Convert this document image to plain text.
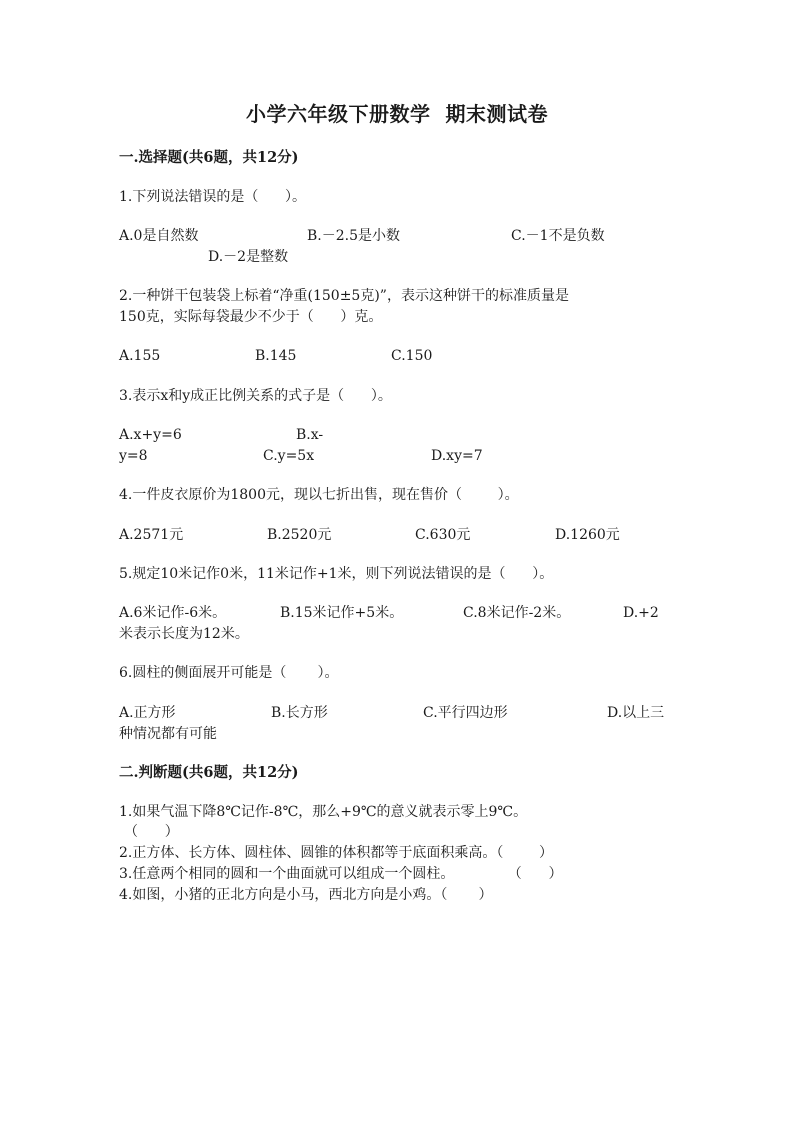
小学六年级下册数学  期末测试卷
一.选择题(共6题，共12分)
1.下列说法错误的是（      ）。
A.0是自然数	B.－2.5是小数	C.－1不是负数
D.－2是整数
2.一种饼干包装袋上标着“净重(150±5克)”，表示这种饼干的标准质量是
150克，实际每袋最少不少于（      ）克。
A.155	B.145	C.150
3.表示x和y成正比例关系的式子是（      ）。
A.x+y=6	B.x-
y=8	C.y=5x	D.xy=7
4.一件皮衣原价为1800元，现以七折出售，现在售价（        ）。
A.2571元	B.2520元	C.630元	D.1260元
5.规定10米记作0米，11米记作+1米，则下列说法错误的是（      ）。
A.6米记作-6米。	B.15米记作+5米。	C.8米记作-2米。	D.+2
米表示长度为12米。
6.圆柱的侧面展开可能是（       ）。
A.正方形	B.长方形	C.平行四边形	D.以上三
种情况都有可能
二.判断题(共6题，共12分)
1.如果气温下降8℃记作-8℃，那么+9℃的意义就表示零上9℃。
（      ）
2.正方体、长方体、圆柱体、圆锥的体积都等于底面积乘高。（        ）
3.任意两个相同的圆和一个曲面就可以组成一个圆柱。            （      ）
4.如图，小猪的正北方向是小马，西北方向是小鸡。（       ）
